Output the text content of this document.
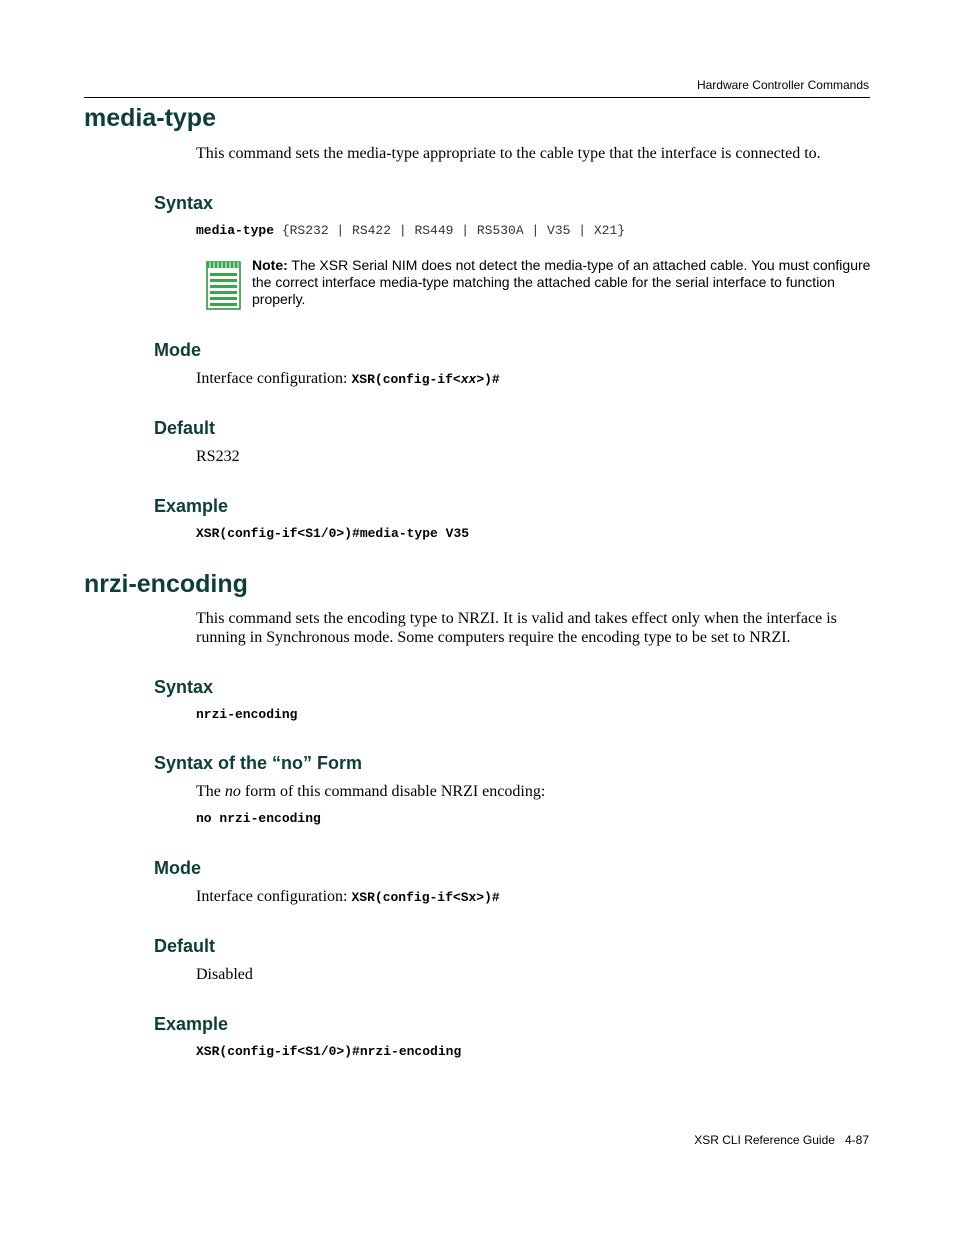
Hardware Controller Commands
media-type
This command sets the media-type appropriate to the cable type that the interface is connected to.
Syntax
media-type {RS232 | RS422 | RS449 | RS530A | V35 | X21}
Note: The XSR Serial NIM does not detect the media-type of an attached cable. You must configure the correct interface media-type matching the attached cable for the serial interface to function properly.
Mode
Interface configuration: XSR(config-if<xx>)#
Default
RS232
Example
XSR(config-if<S1/0>)#media-type V35
nrzi-encoding
This command sets the encoding type to NRZI. It is valid and takes effect only when the interface is running in Synchronous mode. Some computers require the encoding type to be set to NRZI.
Syntax
nrzi-encoding
Syntax of the “no” Form
The no form of this command disable NRZI encoding:
no nrzi-encoding
Mode
Interface configuration: XSR(config-if<Sx>)#
Default
Disabled
Example
XSR(config-if<S1/0>)#nrzi-encoding
XSR CLI Reference Guide 4-87
